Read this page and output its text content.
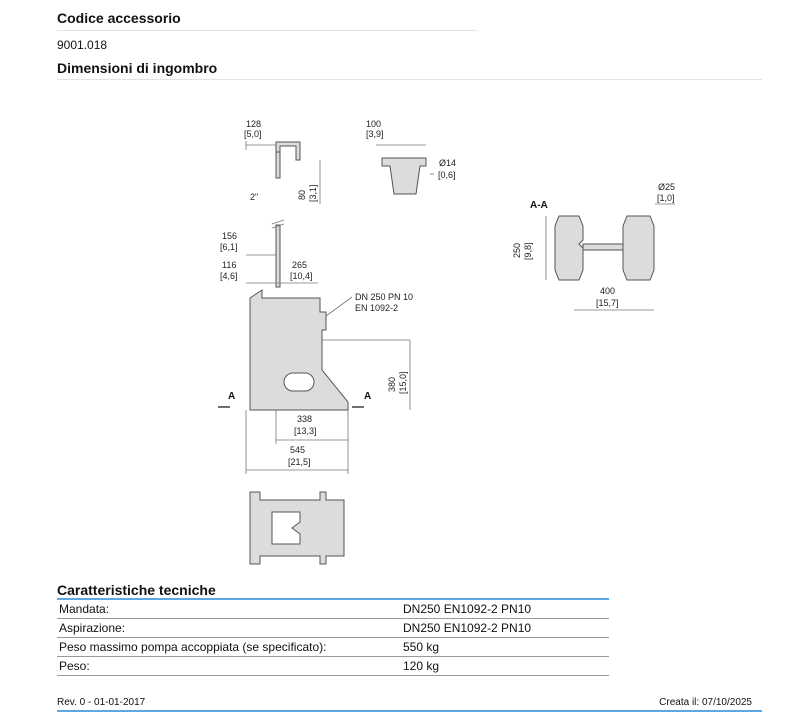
Codice accessorio
9001.018
Dimensioni di ingombro
128
[5,0]
100
[3,9]
Ø14
[0,6]
80 [3,1]
2"
156
[6,1]
116
[4,6]
265
[10,4]
DN 250 PN 10
EN 1092-2
380 [15,0]
338
[13,3]
545
[21,5]
Ø25
[1,0]
250 [9,8]
400
[15,7]
A	A
A-A
Caratteristiche tecniche
Mandata:	DN250 EN1092-2 PN10
Aspirazione:	DN250 EN1092-2 PN10
Peso massimo pompa accoppiata (se specificato):	550 kg
Peso:	120 kg
Rev. 0 - 01-01-2017	Creata il: 07/10/2025
